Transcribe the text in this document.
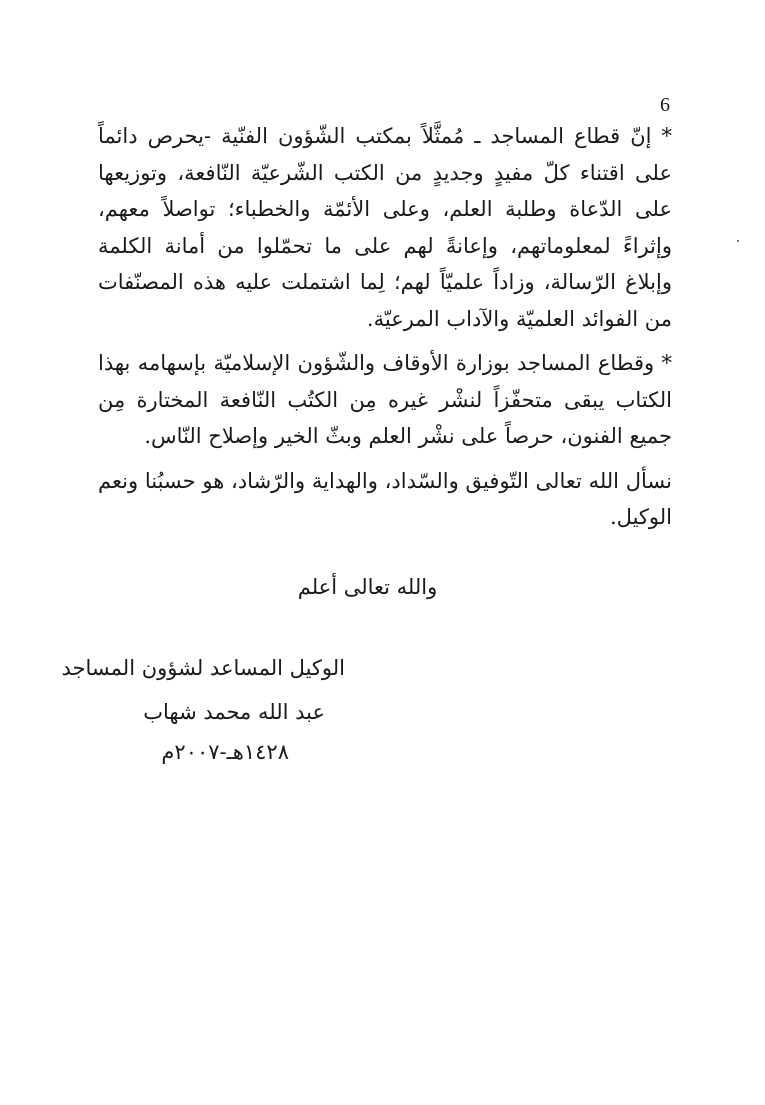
6

* إنّ قطاع المساجد ـ مُمثَّلاً بمكتب الشّؤون الفنّية -يحرص دائماً على اقتناء كلّ مفيدٍ وجديدٍ من الكتب الشّرعيّة النّافعة، وتوزيعها على الدّعاة وطلبة العلم، وعلى الأئمّة والخطباء؛ تواصلاً معهم، وإثراءً لمعلوماتهم، وإعانةً لهم على ما تحمّلوا من أمانة الكلمة وإبلاغ الرّسالة، وزاداً علميّاً لهم؛ لِما اشتملت عليه هذه المصنّفات من الفوائد العلميّة والآداب المرعيّة.

* وقطاع المساجد بوزارة الأوقاف والشّؤون الإسلاميّة بإسهامه بهذا الكتاب يبقى متحفّزاً لنشْر غيره مِن الكتُب النّافعة المختارة مِن جميع الفنون، حرصاً على نشْر العلم وبثّ الخير وإصلاح النّاس.

نسأل الله تعالى التّوفيق والسّداد، والهداية والرّشاد، هو حسبُنا ونعم الوكيل.

والله تعالى أعلم
الوكيل المساعد لشؤون المساجد
عبد الله محمد شهاب
١٤٢٨هـ-٢٠٠٧م
